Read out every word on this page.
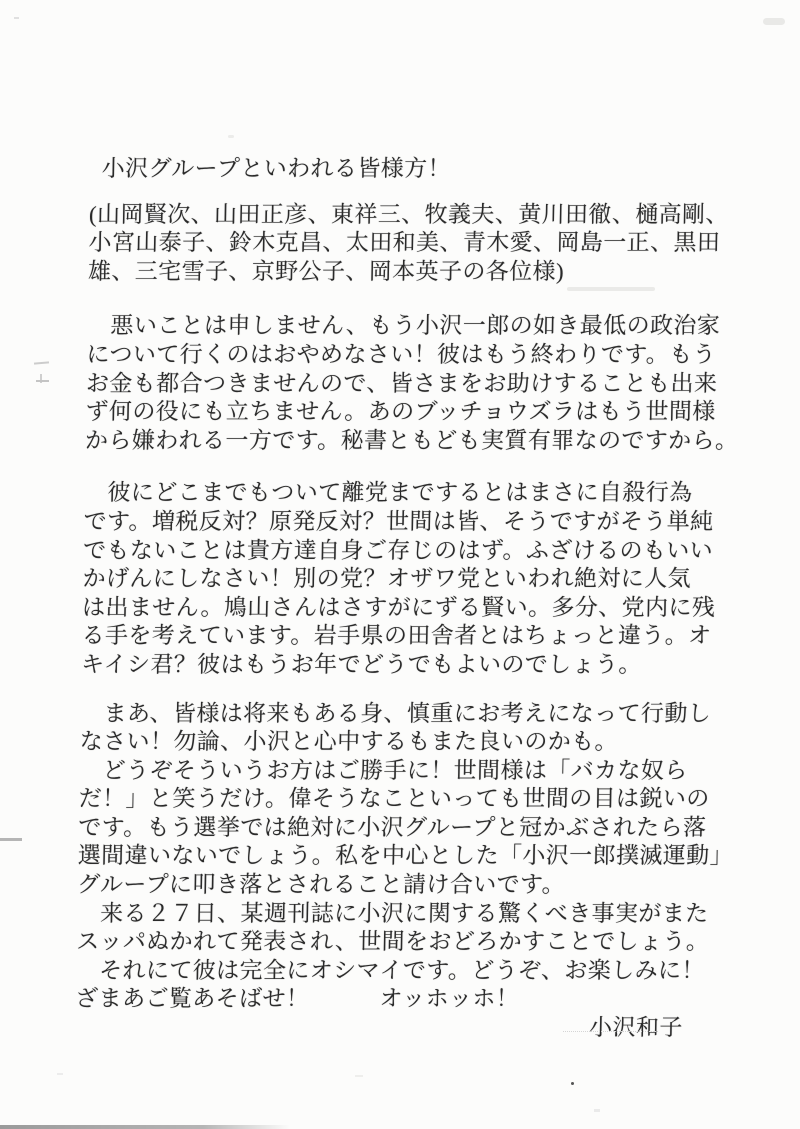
小沢グループといわれる皆様方！
(山岡賢次、山田正彦、東祥三、牧義夫、黄川田徹、樋高剛、
小宮山泰子、鈴木克昌、太田和美、青木愛、岡島一正、黒田
雄、三宅雪子、京野公子、岡本英子の各位様)
　悪いことは申しません、もう小沢一郎の如き最低の政治家
について行くのはおやめなさい！彼はもう終わりです。もう
お金も都合つきませんので、皆さまをお助けすることも出来
ず何の役にも立ちません。あのブッチョウズラはもう世間様
から嫌われる一方です。秘書ともども実質有罪なのですから。
　彼にどこまでもついて離党までするとはまさに自殺行為
です。増税反対？原発反対？世間は皆、そうですがそう単純
でもないことは貴方達自身ご存じのはず。ふざけるのもいい
かげんにしなさい！別の党？オザワ党といわれ絶対に人気
は出ません。鳩山さんはさすがにずる賢い。多分、党内に残
る手を考えています。岩手県の田舎者とはちょっと違う。オ
キイシ君？彼はもうお年でどうでもよいのでしょう。
　まあ、皆様は将来もある身、慎重にお考えになって行動し
なさい！勿論、小沢と心中するもまた良いのかも。
　どうぞそういうお方はご勝手に！世間様は「バカな奴ら
だ！」と笑うだけ。偉そうなこといっても世間の目は鋭いの
です。もう選挙では絶対に小沢グループと冠かぶされたら落
選間違いないでしょう。私を中心とした「小沢一郎撲滅運動」
グループに叩き落とされること請け合いです。
　来る２７日、某週刊誌に小沢に関する驚くべき事実がまた
スッパぬかれて発表され、世間をおどろかすことでしょう。
　それにて彼は完全にオシマイです。どうぞ、お楽しみに！
ざまあご覧あそばせ！　　　オッホッホ！
小沢和子
